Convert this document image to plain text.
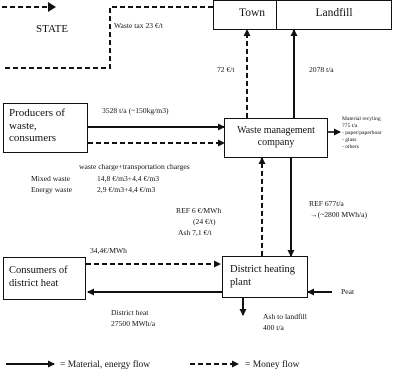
Town	Landfill
STATE
Producers of waste, consumers
Waste management company
Consumers of district heat
District heating plant
Waste tax 23 €/t
72 €/t	2078 t/a
3528 t/a (~150kg/m3)
waste charge+transportation charges
Mixed waste	14,8 €/m3+4,4 €/m3
Energy waste	2,9 €/m3+4,4 €/m3
REF 6 €/MWh
(24 €/t)
Ash 7,1 €/t
REF 677t/a
→(~2800 MWh/a)
34,4€/MWh
Peat
District heat
27500 MWh/a
Ash to landfill
400 t/a
Material recyling
775 t/a
- paper/paperboar
- glass
- others
= Material, energy flow	= Money flow
